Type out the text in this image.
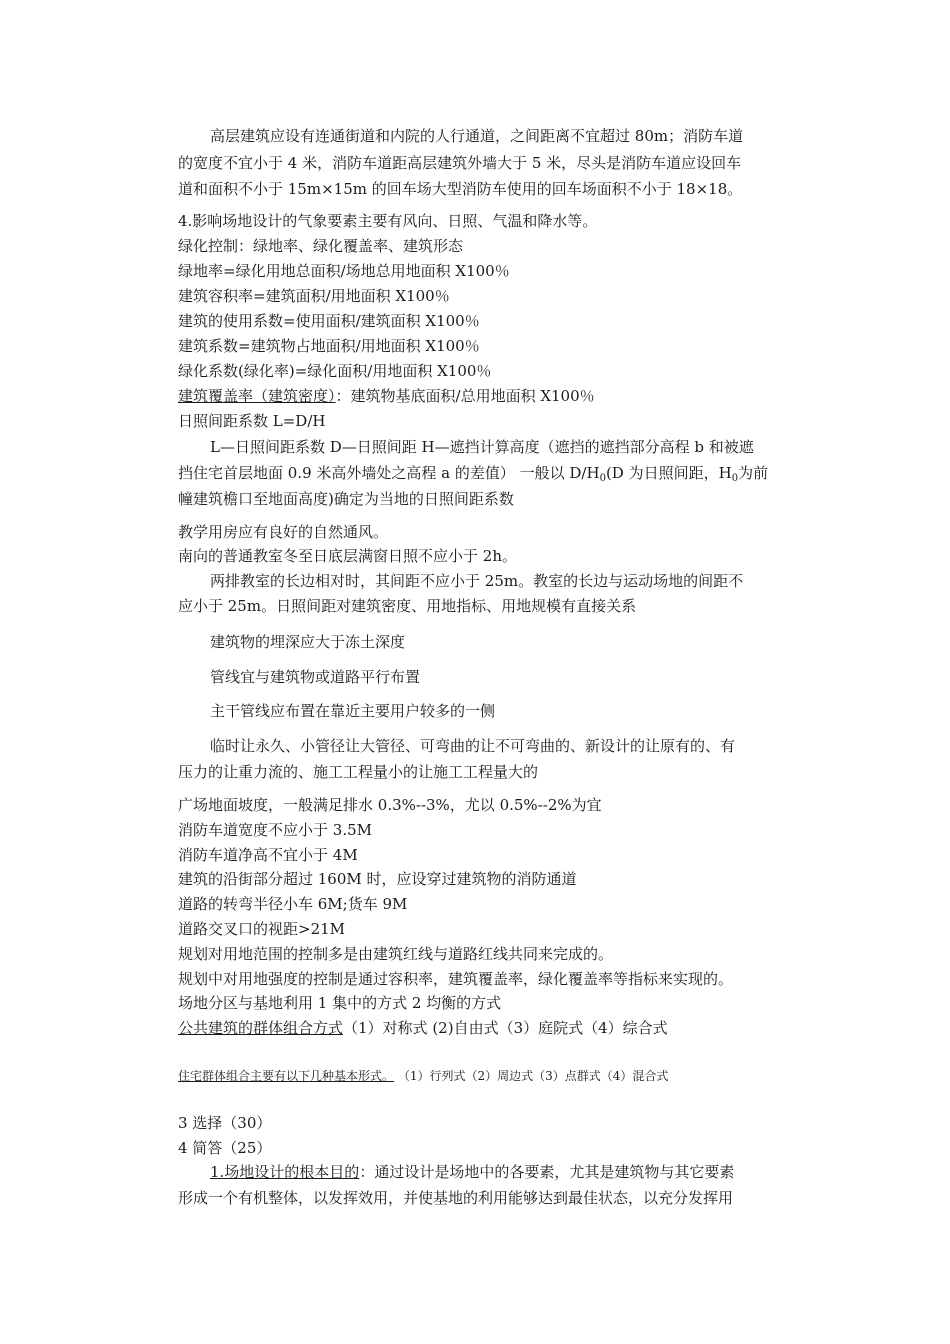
高层建筑应设有连通街道和内院的人行通道，之间距离不宜超过 80m；消防车道
的宽度不宜小于 4 米，消防车道距高层建筑外墙大于 5 米，尽头是消防车道应设回车
道和面积不小于 15m×15m 的回车场大型消防车使用的回车场面积不小于 18×18。
4.影响场地设计的气象要素主要有风向、日照、气温和降水等。
绿化控制：绿地率、绿化覆盖率、建筑形态
绿地率=绿化用地总面积/场地总用地面积 X100％
建筑容积率=建筑面积/用地面积 X100％
建筑的使用系数=使用面积/建筑面积 X100％
建筑系数=建筑物占地面积/用地面积 X100％
绿化系数(绿化率)=绿化面积/用地面积 X100％
建筑覆盖率（建筑密度）：建筑物基底面积/总用地面积 X100％
日照间距系数 L=D/H
L—日照间距系数 D—日照间距 H—遮挡计算高度（遮挡的遮挡部分高程 b 和被遮
挡住宅首层地面 0.9 米高外墙处之高程 a 的差值） 一般以 $D/H_0(D$ 为日照间距，$H_0$为前
幢建筑檐口至地面高度)确定为当地的日照间距系数
教学用房应有良好的自然通风。
南向的普通教室冬至日底层满窗日照不应小于 2h。
两排教室的长边相对时，其间距不应小于 25m。教室的长边与运动场地的间距不
应小于 25m。日照间距对建筑密度、用地指标、用地规模有直接关系
建筑物的埋深应大于冻土深度
管线宜与建筑物或道路平行布置
主干管线应布置在靠近主要用户较多的一侧
临时让永久、小管径让大管径、可弯曲的让不可弯曲的、新设计的让原有的、有
压力的让重力流的、施工工程量小的让施工工程量大的
广场地面坡度，一般满足排水 0.3%--3%，尤以 0.5%--2%为宜
消防车道宽度不应小于 3.5M
消防车道净高不宜小于 4M
建筑的沿街部分超过 160M 时，应设穿过建筑物的消防通道
道路的转弯半径小车 6M;货车 9M
道路交叉口的视距>21M
规划对用地范围的控制多是由建筑红线与道路红线共同来完成的。
规划中对用地强度的控制是通过容积率，建筑覆盖率，绿化覆盖率等指标来实现的。
场地分区与基地利用 1 集中的方式 2 均衡的方式
公共建筑的群体组合方式（1）对称式 (2)自由式（3）庭院式（4）综合式
住宅群体组合主要有以下几种基本形式。 （1）行列式（2）周边式（3）点群式（4）混合式
3 选择（30）
4 简答（25）
1.场地设计的根本目的：通过设计是场地中的各要素，尤其是建筑物与其它要素
形成一个有机整体，以发挥效用，并使基地的利用能够达到最佳状态，以充分发挥用
